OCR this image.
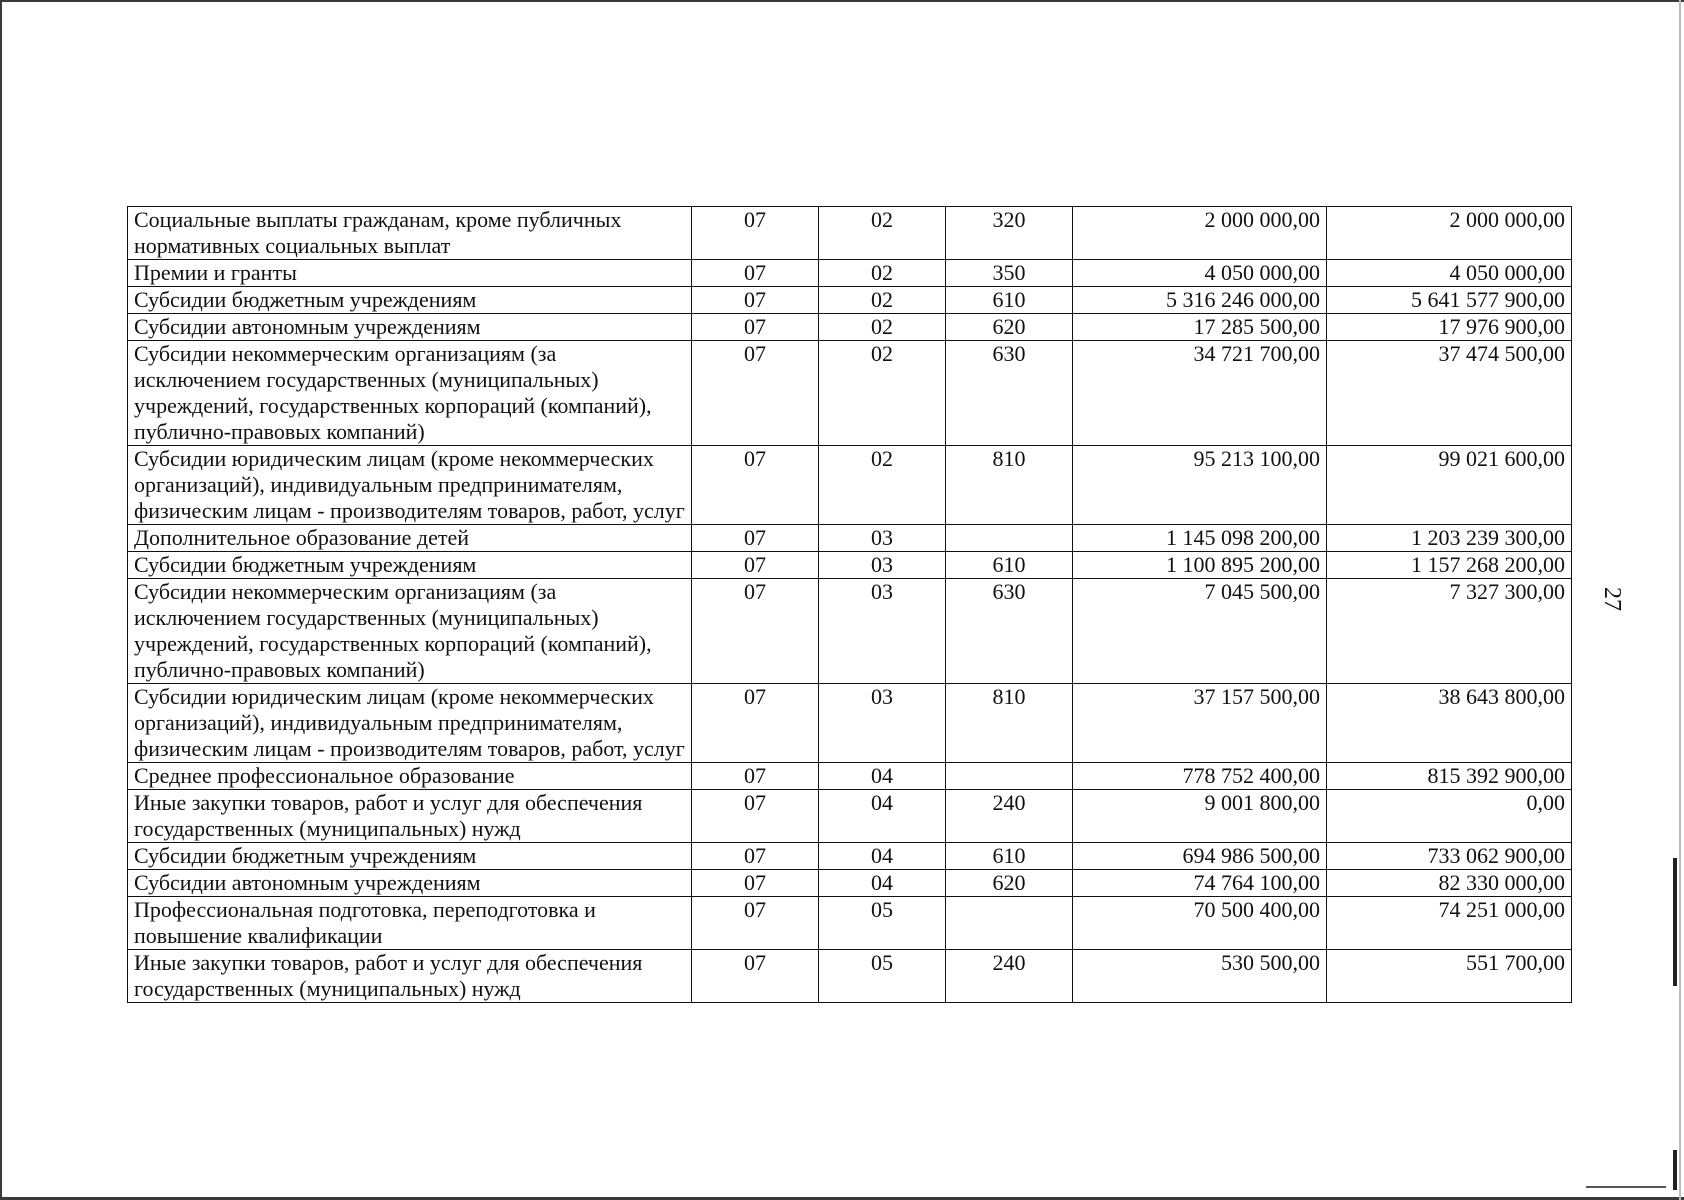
Социальные выплаты гражданам, кроме публичных нормативных социальных выплат	07	02	320	2 000 000,00	2 000 000,00
Премии и гранты	07	02	350	4 050 000,00	4 050 000,00
Субсидии бюджетным учреждениям	07	02	610	5 316 246 000,00	5 641 577 900,00
Субсидии автономным учреждениям	07	02	620	17 285 500,00	17 976 900,00
Субсидии некоммерческим организациям (за исключением государственных (муниципальных) учреждений, государственных корпораций (компаний), публично-правовых компаний)	07	02	630	34 721 700,00	37 474 500,00
Субсидии юридическим лицам (кроме некоммерческих организаций), индивидуальным предпринимателям, физическим лицам - производителям товаров, работ, услуг	07	02	810	95 213 100,00	99 021 600,00
Дополнительное образование детей	07	03		1 145 098 200,00	1 203 239 300,00
Субсидии бюджетным учреждениям	07	03	610	1 100 895 200,00	1 157 268 200,00
Субсидии некоммерческим организациям (за исключением государственных (муниципальных) учреждений, государственных корпораций (компаний), публично-правовых компаний)	07	03	630	7 045 500,00	7 327 300,00
Субсидии юридическим лицам (кроме некоммерческих организаций), индивидуальным предпринимателям, физическим лицам - производителям товаров, работ, услуг	07	03	810	37 157 500,00	38 643 800,00
Среднее профессиональное образование	07	04		778 752 400,00	815 392 900,00
Иные закупки товаров, работ и услуг для обеспечения государственных (муниципальных) нужд	07	04	240	9 001 800,00	0,00
Субсидии бюджетным учреждениям	07	04	610	694 986 500,00	733 062 900,00
Субсидии автономным учреждениям	07	04	620	74 764 100,00	82 330 000,00
Профессиональная подготовка, переподготовка и повышение квалификации	07	05		70 500 400,00	74 251 000,00
Иные закупки товаров, работ и услуг для обеспечения государственных (муниципальных) нужд	07	05	240	530 500,00	551 700,00
27
